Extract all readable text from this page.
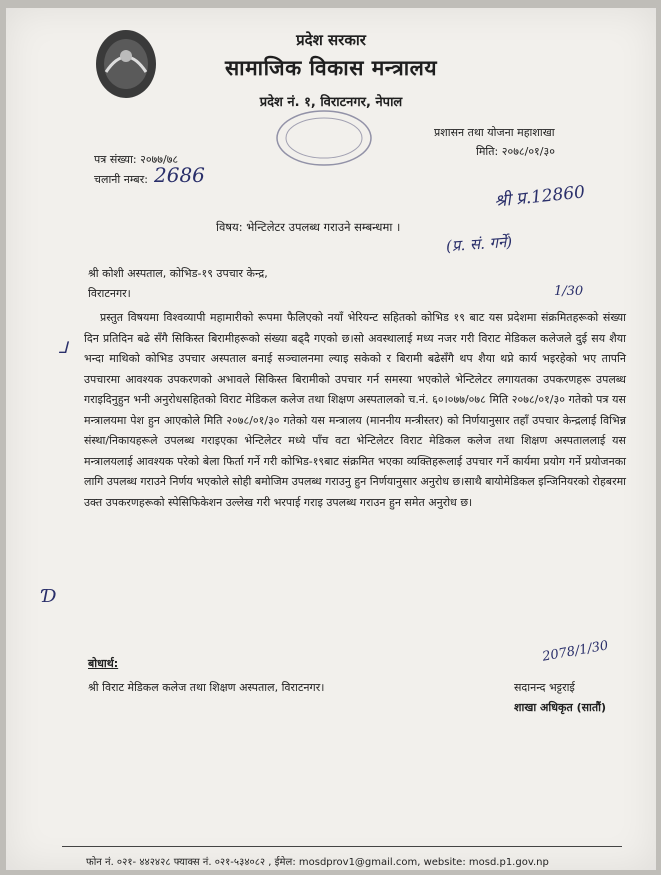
प्रदेश सरकार
सामाजिक विकास मन्त्रालय
प्रदेश नं. १, विराटनगर, नेपाल
प्रशासन तथा योजना महाशाखा
मिति: २०७८/०१/३०
पत्र संख्या: २०७७/७८
चलानी नम्बर: 2686
श्री प्र.12860
(प्र. सं. गर्ने)
1/30
विषय: भेन्टिलेटर उपलब्ध गराउने सम्बन्धमा ।
श्री कोशी अस्पताल, कोभिड-१९ उपचार केन्द्र,
विराटनगर।
ᒧ
Ɗ
प्रस्तुत विषयमा विश्वव्यापी महामारीको रूपमा फैलिएको नयाँ भेरियन्ट सहितको कोभिड १९ बाट यस प्रदेशमा संक्रमितहरूको संख्या दिन प्रतिदिन बढे सँगै सिकिस्त बिरामीहरूको संख्या बढ्दै गएको छ।सो अवस्थालाई मध्य नजर गरी विराट मेडिकल कलेजले दुई सय शैया भन्दा माथिको कोभिड उपचार अस्पताल बनाई सञ्चालनमा ल्याइ सकेको र बिरामी बढेसँगै थप शैया थप्ने कार्य भइरहेको भए तापनि उपचारमा आवश्यक उपकरणको अभावले सिकिस्त बिरामीको उपचार गर्न समस्या भएकोले भेन्टिलेटर लगायतका उपकरणहरू उपलब्ध गराइदिनुहुन भनी अनुरोधसहितको विराट मेडिकल कलेज तथा शिक्षण अस्पतालको च.नं. ६०।०७७/०७८ मिति २०७८/०१/३० गतेको पत्र यस मन्त्रालयमा पेश हुन आएकोले मिति २०७८/०१/३० गतेको यस मन्त्रालय (माननीय मन्त्रीस्तर) को निर्णयानुसार तहाँ उपचार केन्द्रलाई विभिन्न संस्था/निकायहरूले उपलब्ध गराइएका भेन्टिलेटर मध्ये पाँच वटा भेन्टिलेटर विराट मेडिकल कलेज तथा शिक्षण अस्पताललाई यस मन्त्रालयलाई आवश्यक परेको बेला फिर्ता गर्ने गरी कोभिड-१९बाट संक्रमित भएका व्यक्तिहरूलाई उपचार गर्ने कार्यमा प्रयोग गर्ने प्रयोजनका लागि उपलब्ध गराउने निर्णय भएकोले सोही बमोजिम उपलब्ध गराउनु हुन निर्णयानुसार अनुरोध छ।साथै बायोमेडिकल इन्जिनियरको रोहबरमा उक्त उपकरणहरूको स्पेसिफिकेशन उल्लेख गरी भरपाई गराइ उपलब्ध गराउन हुन समेत अनुरोध छ।
बोधार्थ:
श्री विराट मेडिकल कलेज तथा शिक्षण अस्पताल, विराटनगर।
2078/1/30
सदानन्द भट्टराई
शाखा अधिकृत (सातौं)
फोन नं. ०२१- ४४२४२८ फ्याक्स नं. ०२१-५३४०८२ , ईमेल: mosdprov1@gmail.com, website: mosd.p1.gov.np
